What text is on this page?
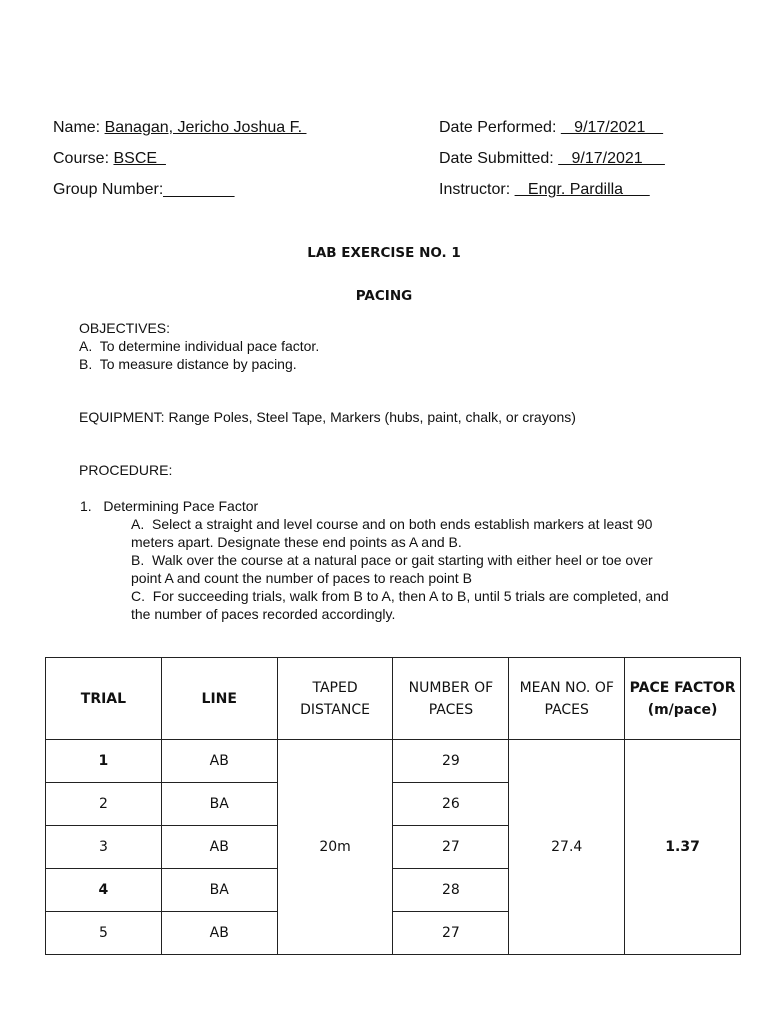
Name: Banagan, Jericho Joshua F.
Course: BSCE
Group Number:________
Date Performed:    9/17/2021
Date Submitted:    9/17/2021
Instructor:    Engr. Pardilla
LAB EXERCISE NO. 1
PACING
OBJECTIVES:
A.  To determine individual pace factor.
B.  To measure distance by pacing.
EQUIPMENT: Range Poles, Steel Tape, Markers (hubs, paint, chalk, or crayons)
PROCEDURE:
1.   Determining Pace Factor
A.  Select a straight and level course and on both ends establish markers at least 90
meters apart. Designate these end points as A and B.
B.  Walk over the course at a natural pace or gait starting with either heel or toe over
point A and count the number of paces to reach point B
C.  For succeeding trials, walk from B to A, then A to B, until 5 trials are completed, and
the number of paces recorded accordingly.
TRIAL	LINE	TAPED DISTANCE	NUMBER OF PACES	MEAN NO. OF PACES	PACE FACTOR (m/pace)
1	AB	20m	29	27.4	1.37
2	BA		26		
3	AB		27		
4	BA		28		
5	AB		27		
